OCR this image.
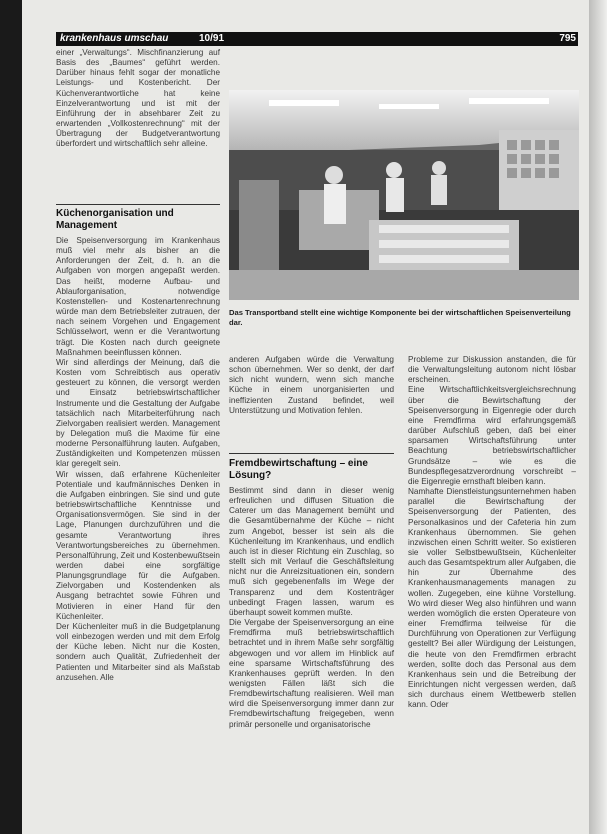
krankenhaus umschau	10/91	795

einer „Verwaltungs“. Mischfinanzierung auf Basis des „Baumes“ geführt werden. Darüber hinaus fehlt sogar der monatliche Leistungs- und Kostenbericht. Der Küchenverantwortliche hat keine Einzelverantwortung und ist mit der Einführung der in absehbarer Zeit zu erwartenden „Vollkostenrechnung“ mit der Übertragung der Budgetverantwortung überfordert und wirtschaftlich sehr alleine.

Küchenorganisation und Management

Die Speisenversorgung im Krankenhaus muß viel mehr als bisher an die Anforderungen der Zeit, d. h. an die Aufgaben von morgen angepaßt werden. Das heißt, moderne Aufbau- und Ablauforganisation, notwendige Kostenstellen- und Kostenartenrechnung würde man dem Betriebsleiter zutrauen, der nach seinem Vorgehen und Engagement Schlüsselwort, wenn er die Verantwortung trägt. Die Kosten nach durch geeignete Maßnahmen beeinflussen können.

Wir sind allerdings der Meinung, daß die Kosten vom Schreibtisch aus operativ gesteuert zu können, die versorgt werden und Einsatz betriebswirtschaftlicher Instrumente und die Gestaltung der Aufgabe tatsächlich nach Mitarbeiterführung nach Zielvorgaben realisiert werden. Management by Delegation muß die Maxime für eine moderne Personalführung lauten. Aufgaben, Zuständigkeiten und Kompetenzen müssen klar geregelt sein.

Wir wissen, daß erfahrene Küchenleiter Potentiale und kaufmännisches Denken in die Aufgaben einbringen. Sie sind und gute betriebswirtschaftliche Kenntnisse und Organisationsvermögen. Sie sind in der Lage, Planungen durchzuführen und die gesamte Verantwortung ihres Verantwortungsbereiches zu übernehmen. Personalführung, Zeit und Kostenbewußtsein werden dabei eine sorgfältige Planungsgrundlage für die Aufgaben. Zielvorgaben und Kostendenken als Ausgang betrachtet sowie Führen und Motivieren in einer Hand für den Küchenleiter.

Der Küchenleiter muß in die Budgetplanung voll einbezogen werden und mit dem Erfolg der Küche leben. Nicht nur die Kosten, sondern auch Qualität, Zufriedenheit der Patienten und Mitarbeiter sind als Maßstab anzusehen. Alle

Das Transportband stellt eine wichtige Komponente bei der wirtschaftlichen Speisenverteilung dar.

anderen Aufgaben würde die Verwaltung schon übernehmen. Wer so denkt, der darf sich nicht wundern, wenn sich manche Küche in einem unorganisierten und ineffizienten Zustand befindet, weil Unterstützung und Motivation fehlen.

Fremdbewirtschaftung – eine Lösung?

Bestimmt sind dann in dieser wenig erfreulichen und diffusen Situation die Caterer um das Management bemüht und die Gesamtübernahme der Küche – nicht zum Angebot, besser ist sein als die Küchenleitung im Krankenhaus, und endlich auch ist in dieser Richtung ein Zuschlag, so stellt sich mit Verlauf die Geschäftsleitung nicht nur die Anreizsituationen ein, sondern muß sich gegebenenfalls im Wege der Transparenz und dem Kostenträger unbedingt Fragen lassen, warum es überhaupt soweit kommen mußte.

Die Vergabe der Speisenversorgung an eine Fremdfirma muß betriebswirtschaftlich betrachtet und in ihrem Maße sehr sorgfältig abgewogen und vor allem im Hinblick auf eine sparsame Wirtschaftsführung des Krankenhauses geprüft werden. In den wenigsten Fällen läßt sich die Fremdbewirtschaftung realisieren. Weil man wird die Speisenversorgung immer dann zur Fremdbewirtschaftung freigegeben, wenn primär personelle und organisatorische

Probleme zur Diskussion anstanden, die für die Verwaltungsleitung autonom nicht lösbar erscheinen.

Eine Wirtschaftlichkeitsvergleichsrechnung über die Bewirtschaftung der Speisenversorgung in Eigenregie oder durch eine Fremdfirma wird erfahrungsgemäß darüber Aufschluß geben, daß bei einer sparsamen Wirtschaftsführung unter Beachtung betriebswirtschaftlicher Grundsätze – wie es die Bundespflegesatzverordnung vorschreibt – die Eigenregie ernsthaft bleiben kann.

Namhafte Dienstleistungsunternehmen haben parallel die Bewirtschaftung der Speisenversorgung der Patienten, des Personalkasinos und der Cafeteria hin zum Krankenhaus übernommen. Sie gehen inzwischen einen Schritt weiter. So existieren sie voller Selbstbewußtsein, Küchenleiter auch das Gesamtspektrum aller Aufgaben, die hin zur Übernahme des Krankenhausmanagements managen zu wollen. Zugegeben, eine kühne Vorstellung. Wo wird dieser Weg also hinführen und wann werden womöglich die ersten Operateure von einer Fremdfirma teilweise für die Durchführung von Operationen zur Verfügung gestellt? Bei aller Würdigung der Leistungen, die heute von den Fremdfirmen erbracht werden, sollte doch das Personal aus dem Krankenhaus sein und die Betreibung der Einrichtungen nicht vergessen werden, daß sich durchaus einem Wettbewerb stellen kann. Oder
